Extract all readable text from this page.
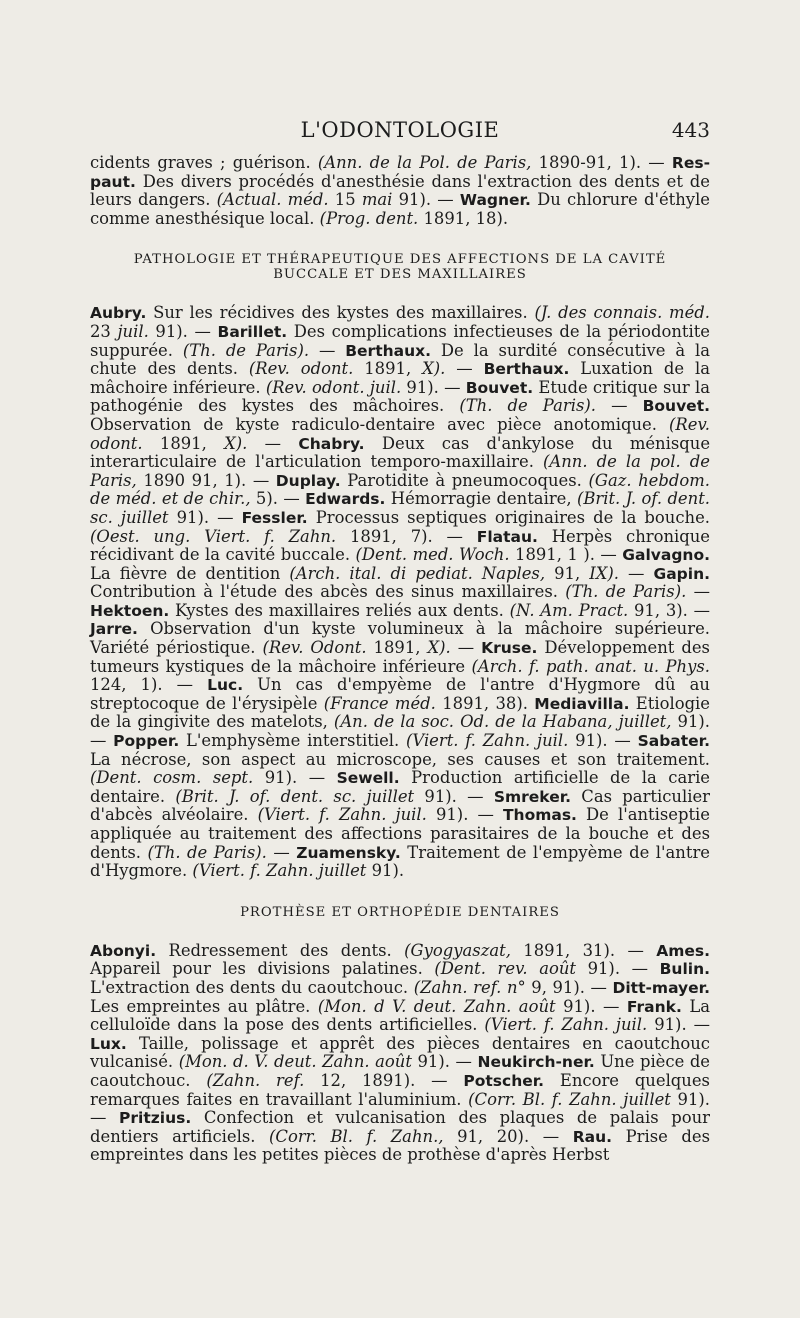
L'ODONTOLOGIE	443

cidents graves ; guérison. (Ann. de la Pol. de Paris, 1890-91, 1). — Res-paut. Des divers procédés d'anesthésie dans l'extraction des dents et de leurs dangers. (Actual. méd. 15 mai 91). — Wagner. Du chlorure d'éthyle comme anesthésique local. (Prog. dent. 1891, 18).

PATHOLOGIE ET THÉRAPEUTIQUE DES AFFECTIONS DE LA CAVITÉ BUCCALE ET DES MAXILLAIRES

Aubry. Sur les récidives des kystes des maxillaires. (J. des connais. méd. 23 juil. 91). — Barillet. Des complications infectieuses de la périodontite suppurée. (Th. de Paris). — Berthaux. De la surdité consécutive à la chute des dents. (Rev. odont. 1891, X). — Berthaux. Luxation de la mâchoire inférieure. (Rev. odont. juil. 91). — Bouvet. Etude critique sur la pathogénie des kystes des mâchoires. (Th. de Paris). — Bouvet. Observation de kyste radiculo-dentaire avec pièce anotomique. (Rev. odont. 1891, X). — Chabry. Deux cas d'ankylose du ménisque interarticulaire de l'articulation temporo-maxillaire. (Ann. de la pol. de Paris, 1890 91, 1). — Duplay. Parotidite à pneumocoques. (Gaz. hebdom. de méd. et de chir., 5). — Edwards. Hémorragie dentaire, (Brit. J. of. dent. sc. juillet 91). — Fessler. Processus septiques originaires de la bouche. (Oest. ung. Viert. f. Zahn. 1891, 7). — Flatau. Herpès chronique récidivant de la cavité buccale. (Dent. med. Woch. 1891, 1 ). — Galvagno. La fièvre de dentition (Arch. ital. di pediat. Naples, 91, IX). — Gapin. Contribution à l'étude des abcès des sinus maxillaires. (Th. de Paris). — Hektoen. Kystes des maxillaires reliés aux dents. (N. Am. Pract. 91, 3). — Jarre. Observation d'un kyste volumineux à la mâchoire supérieure. Variété périostique. (Rev. Odont. 1891, X). — Kruse. Développement des tumeurs kystiques de la mâchoire inférieure (Arch. f. path. anat. u. Phys. 124, 1). — Luc. Un cas d'empyème de l'antre d'Hygmore dû au streptocoque de l'érysipèle (France méd. 1891, 38). Mediavilla. Etiologie de la gingivite des matelots, (An. de la soc. Od. de la Habana, juillet, 91). — Popper. L'emphysème interstitiel. (Viert. f. Zahn. juil. 91). — Sabater. La nécrose, son aspect au microscope, ses causes et son traitement. (Dent. cosm. sept. 91). — Sewell. Production artificielle de la carie dentaire. (Brit. J. of. dent. sc. juillet 91). — Smreker. Cas particulier d'abcès alvéolaire. (Viert. f. Zahn. juil. 91). — Thomas. De l'antiseptie appliquée au traitement des affections parasitaires de la bouche et des dents. (Th. de Paris). — Zuamensky. Traitement de l'empyème de l'antre d'Hygmore. (Viert. f. Zahn. juillet 91).

PROTHÈSE ET ORTHOPÉDIE DENTAIRES

Abonyi. Redressement des dents. (Gyogyaszat, 1891, 31). — Ames. Appareil pour les divisions palatines. (Dent. rev. août 91). — Bulin. L'extraction des dents du caoutchouc. (Zahn. ref. n° 9, 91). — Ditt-mayer. Les empreintes au plâtre. (Mon. d V. deut. Zahn. août 91). — Frank. La celluloïde dans la pose des dents artificielles. (Viert. f. Zahn. juil. 91). — Lux. Taille, polissage et apprêt des pièces dentaires en caoutchouc vulcanisé. (Mon. d. V. deut. Zahn. août 91). — Neukirch-ner. Une pièce de caoutchouc. (Zahn. ref. 12, 1891). — Potscher. Encore quelques remarques faites en travaillant l'aluminium. (Corr. Bl. f. Zahn. juillet 91). — Pritzius. Confection et vulcanisation des plaques de palais pour dentiers artificiels. (Corr. Bl. f. Zahn., 91, 20). — Rau. Prise des empreintes dans les petites pièces de prothèse d'après Herbst
